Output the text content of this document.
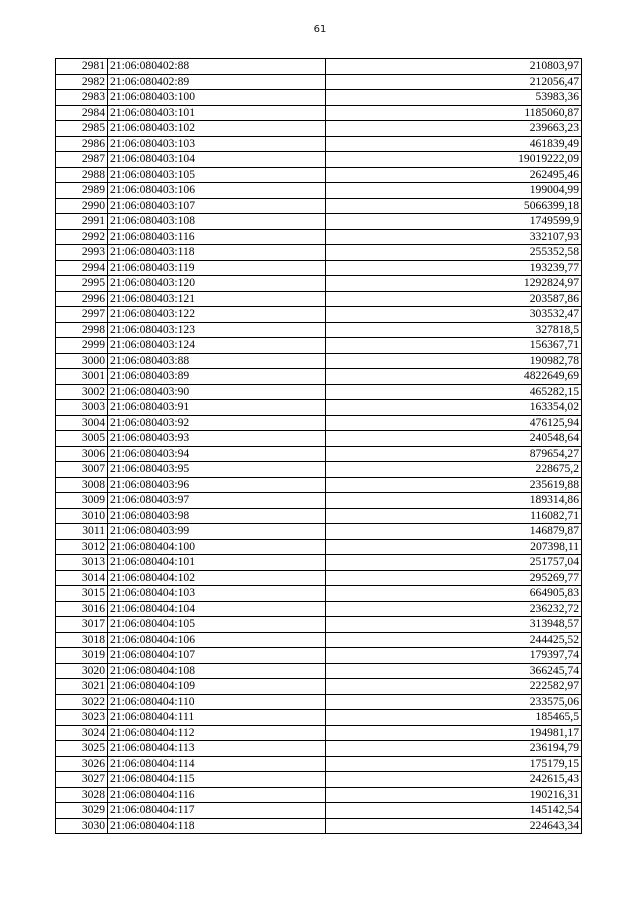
61
2981	21:06:080402:88	210803,97
2982	21:06:080402:89	212056,47
2983	21:06:080403:100	53983,36
2984	21:06:080403:101	1185060,87
2985	21:06:080403:102	239663,23
2986	21:06:080403:103	461839,49
2987	21:06:080403:104	19019222,09
2988	21:06:080403:105	262495,46
2989	21:06:080403:106	199004,99
2990	21:06:080403:107	5066399,18
2991	21:06:080403:108	1749599,9
2992	21:06:080403:116	332107,93
2993	21:06:080403:118	255352,58
2994	21:06:080403:119	193239,77
2995	21:06:080403:120	1292824,97
2996	21:06:080403:121	203587,86
2997	21:06:080403:122	303532,47
2998	21:06:080403:123	327818,5
2999	21:06:080403:124	156367,71
3000	21:06:080403:88	190982,78
3001	21:06:080403:89	4822649,69
3002	21:06:080403:90	465282,15
3003	21:06:080403:91	163354,02
3004	21:06:080403:92	476125,94
3005	21:06:080403:93	240548,64
3006	21:06:080403:94	879654,27
3007	21:06:080403:95	228675,2
3008	21:06:080403:96	235619,88
3009	21:06:080403:97	189314,86
3010	21:06:080403:98	116082,71
3011	21:06:080403:99	146879,87
3012	21:06:080404:100	207398,11
3013	21:06:080404:101	251757,04
3014	21:06:080404:102	295269,77
3015	21:06:080404:103	664905,83
3016	21:06:080404:104	236232,72
3017	21:06:080404:105	313948,57
3018	21:06:080404:106	244425,52
3019	21:06:080404:107	179397,74
3020	21:06:080404:108	366245,74
3021	21:06:080404:109	222582,97
3022	21:06:080404:110	233575,06
3023	21:06:080404:111	185465,5
3024	21:06:080404:112	194981,17
3025	21:06:080404:113	236194,79
3026	21:06:080404:114	175179,15
3027	21:06:080404:115	242615,43
3028	21:06:080404:116	190216,31
3029	21:06:080404:117	145142,54
3030	21:06:080404:118	224643,34
